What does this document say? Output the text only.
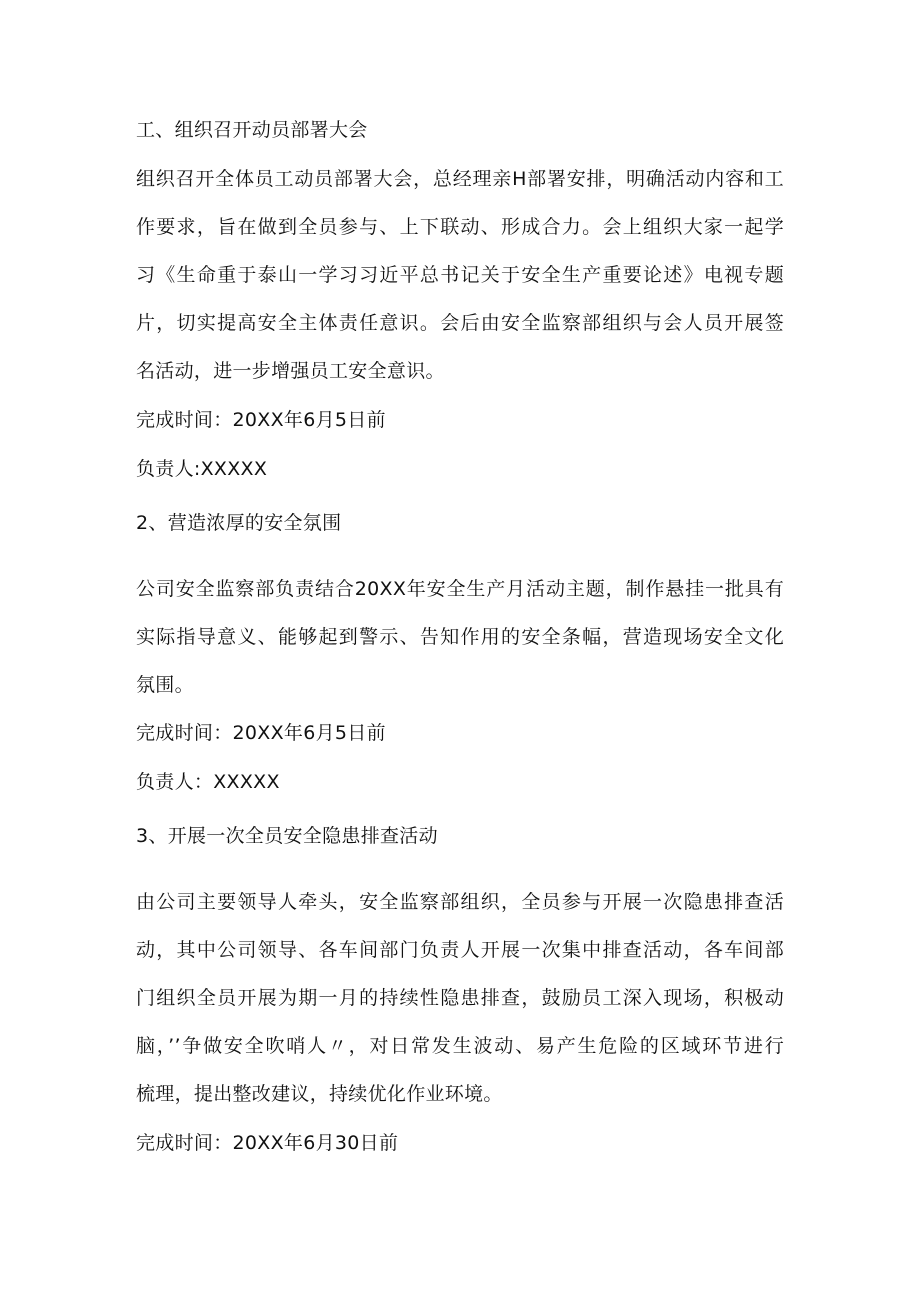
工、组织召开动员部署大会
组织召开全体员工动员部署大会，总经理亲H部署安排，明确活动内容和工
作要求，旨在做到全员参与、上下联动、形成合力。会上组织大家一起学
习《生命重于泰山一学习习近平总书记关于安全生产重要论述》电视专题
片，切实提高安全主体责任意识。会后由安全监察部组织与会人员开展签
名活动，进一步增强员工安全意识。
完成时间：20XX年6月5日前
负责人:XXXXX
2、营造浓厚的安全氛围
公司安全监察部负责结合20XX年安全生产月活动主题，制作悬挂一批具有
实际指导意义、能够起到警示、告知作用的安全条幅，营造现场安全文化
氛围。
完成时间：20XX年6月5日前
负责人：XXXXX
3、开展一次全员安全隐患排查活动
由公司主要领导人牵头，安全监察部组织，全员参与开展一次隐患排查活
动，其中公司领导、各车间部门负责人开展一次集中排查活动，各车间部
门组织全员开展为期一月的持续性隐患排查，鼓励员工深入现场，积极动
脑，’’争做安全吹哨人〃，对日常发生波动、易产生危险的区域环节进行
梳理，提出整改建议，持续优化作业环境。
完成时间：20XX年6月30日前
